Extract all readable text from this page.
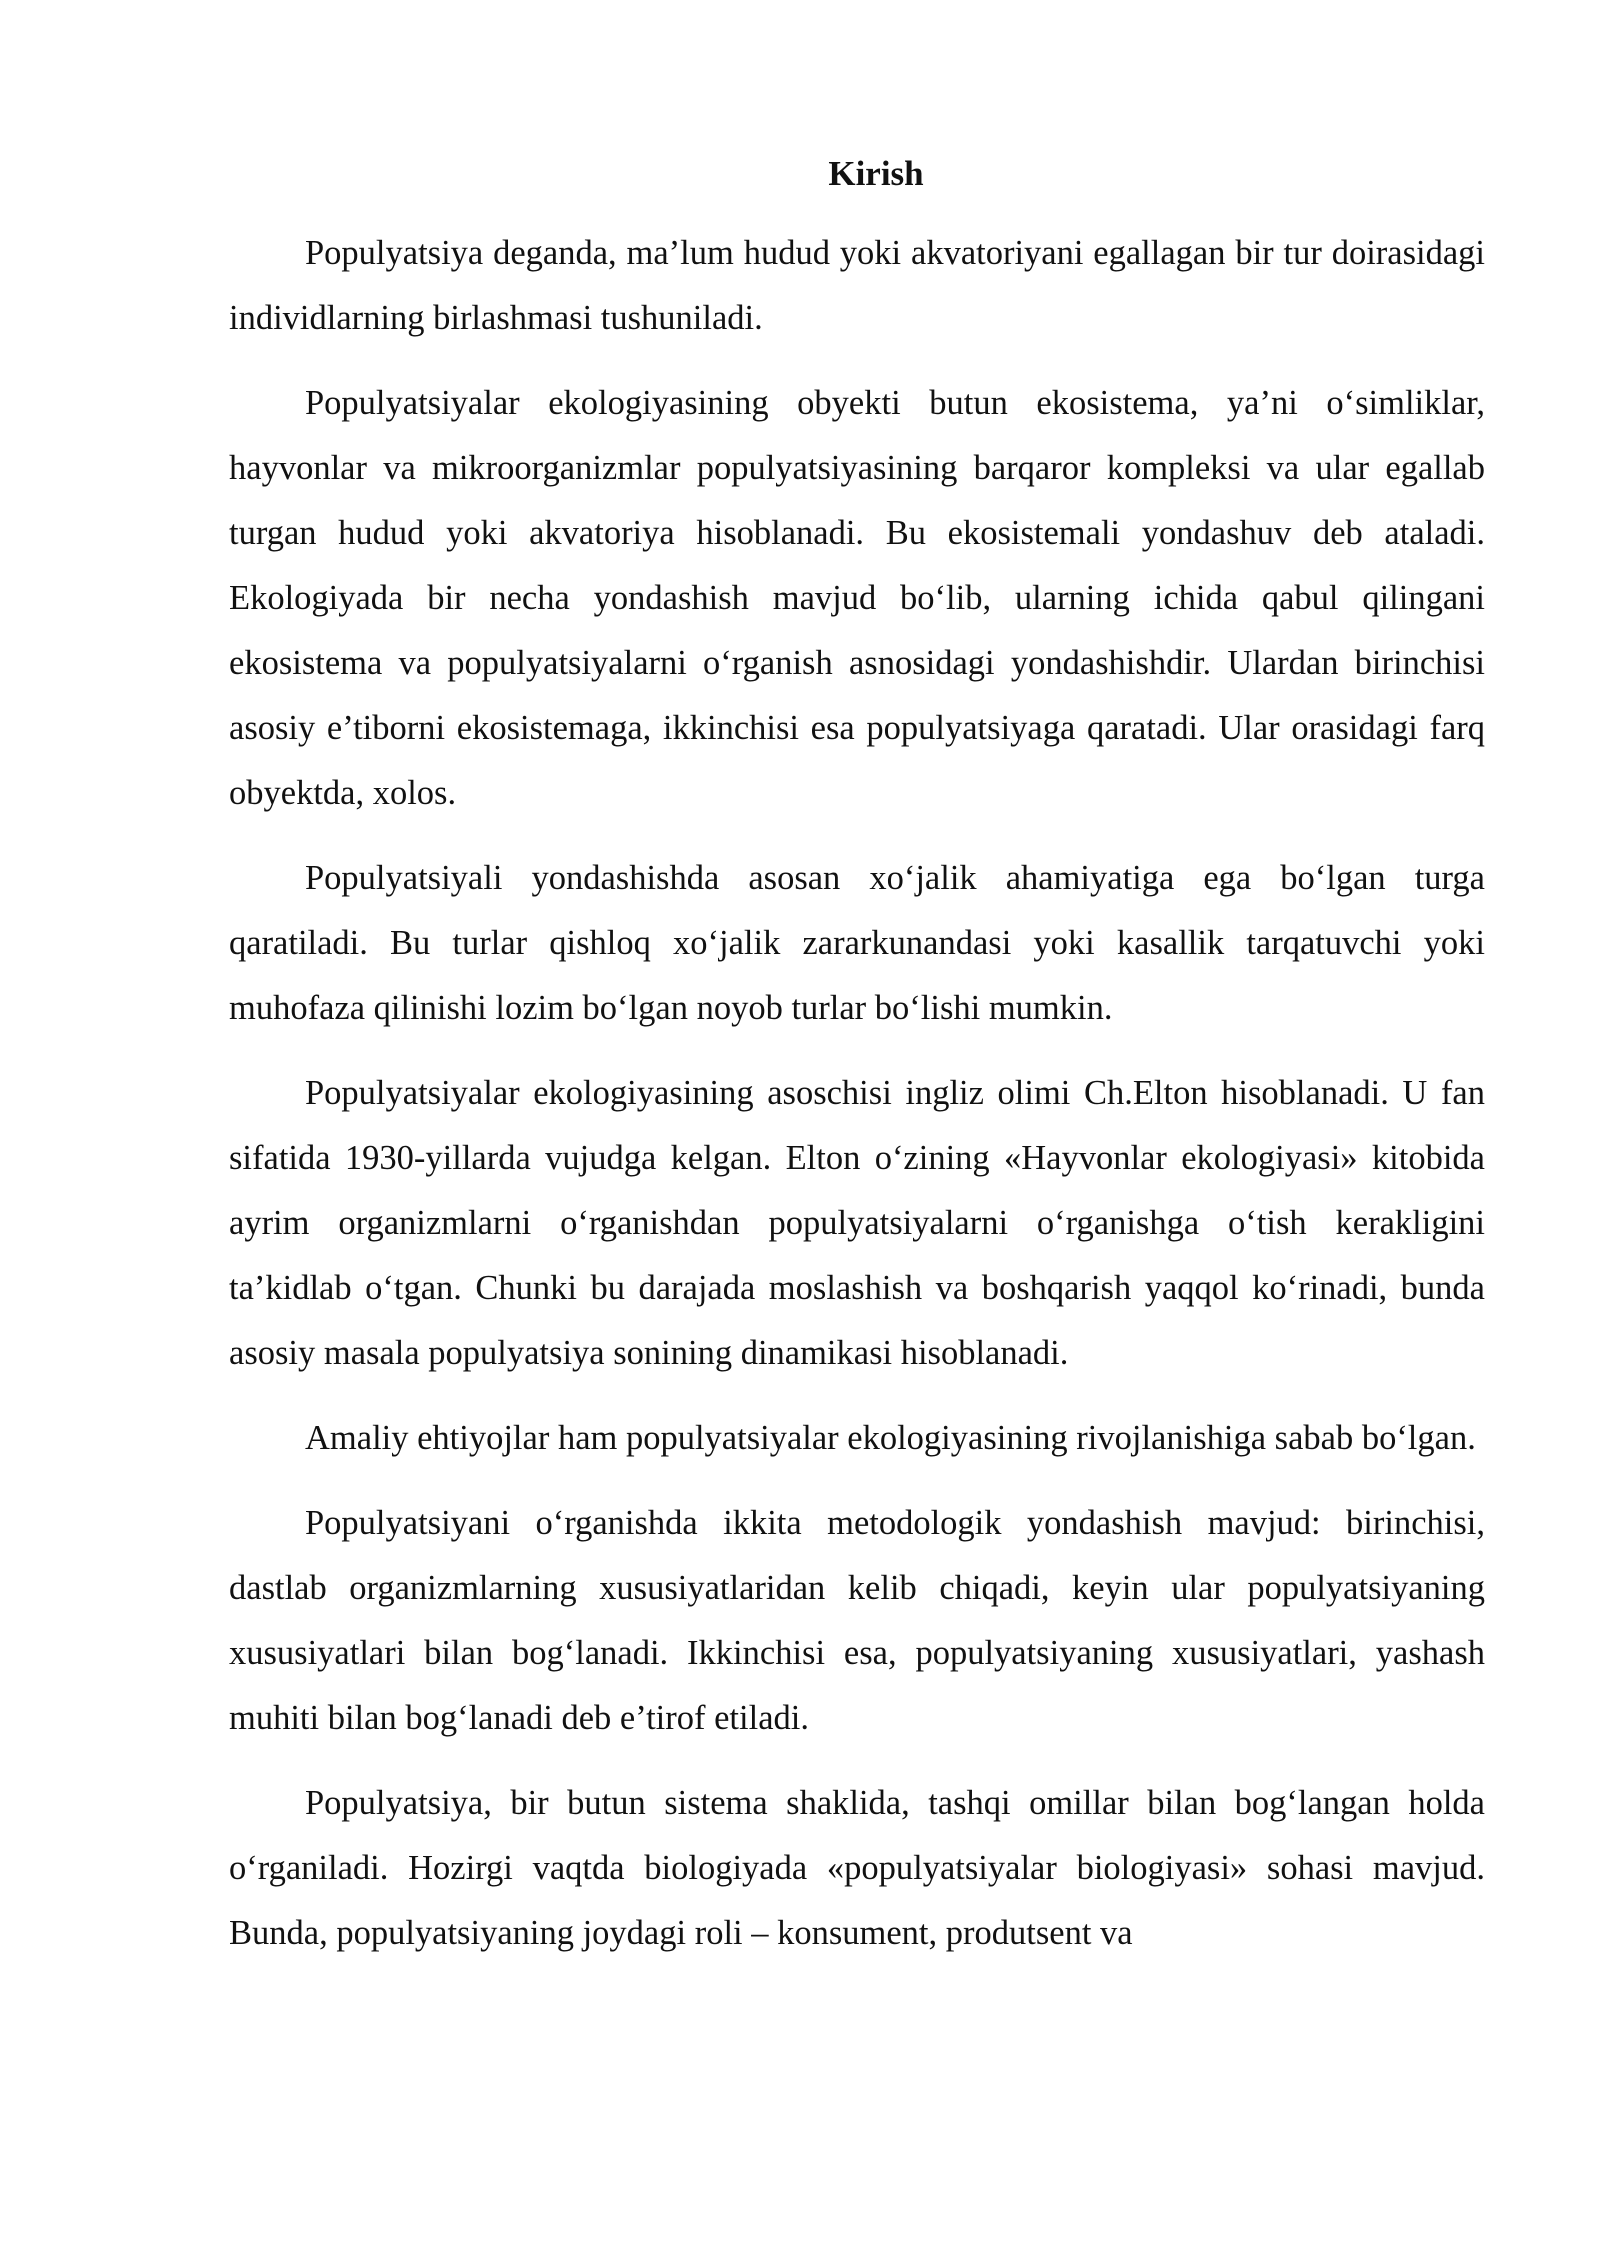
Kirish

Populyatsiya deganda, ma’lum hudud yoki akvatoriyani egallagan bir tur doirasidagi individlarning birlashmasi tushuniladi.

Populyatsiyalar ekologiyasining obyekti butun ekosistema, ya’ni o‘simliklar, hayvonlar va mikroorganizmlar populyatsiyasining barqaror kompleksi va ular egallab turgan hudud yoki akvatoriya hisoblanadi. Bu ekosistemali yondashuv deb ataladi. Ekologiyada bir necha yondashish mavjud bo‘lib, ularning ichida qabul qilingani ekosistema va populyatsiyalarni o‘rganish asnosidagi yondashishdir. Ulardan birinchisi asosiy e’tiborni ekosistemaga, ikkinchisi esa populyatsiyaga qaratadi. Ular orasidagi farq obyektda, xolos.

Populyatsiyali yondashishda asosan xo‘jalik ahamiyatiga ega bo‘lgan turga qaratiladi. Bu turlar qishloq xo‘jalik zararkunandasi yoki kasallik tarqatuvchi yoki muhofaza qilinishi lozim bo‘lgan noyob turlar bo‘lishi mumkin.

Populyatsiyalar ekologiyasining asoschisi ingliz olimi Ch.Elton hisoblanadi. U fan sifatida 1930-yillarda vujudga kelgan. Elton o‘zining «Hayvonlar ekologiyasi» kitobida ayrim organizmlarni o‘rganishdan populyatsiyalarni o‘rganishga o‘tish kerakligini ta’kidlab o‘tgan. Chunki bu darajada moslashish va boshqarish yaqqol ko‘rinadi, bunda asosiy masala populyatsiya sonining dinamikasi hisoblanadi.

Amaliy ehtiyojlar ham populyatsiyalar ekologiyasining rivojlanishiga sabab bo‘lgan.

Populyatsiyani o‘rganishda ikkita metodologik yondashish mavjud: birinchisi, dastlab organizmlarning xususiyatlaridan kelib chiqadi, keyin ular populyatsiyaning xususiyatlari bilan bog‘lanadi. Ikkinchisi esa, populyatsiyaning xususiyatlari, yashash muhiti bilan bog‘lanadi deb e’tirof etiladi.

Populyatsiya, bir butun sistema shaklida, tashqi omillar bilan bog‘langan holda o‘rganiladi. Hozirgi vaqtda biologiyada «populyatsiyalar biologiyasi» sohasi mavjud. Bunda, populyatsiyaning joydagi roli – konsument, produtsent va
